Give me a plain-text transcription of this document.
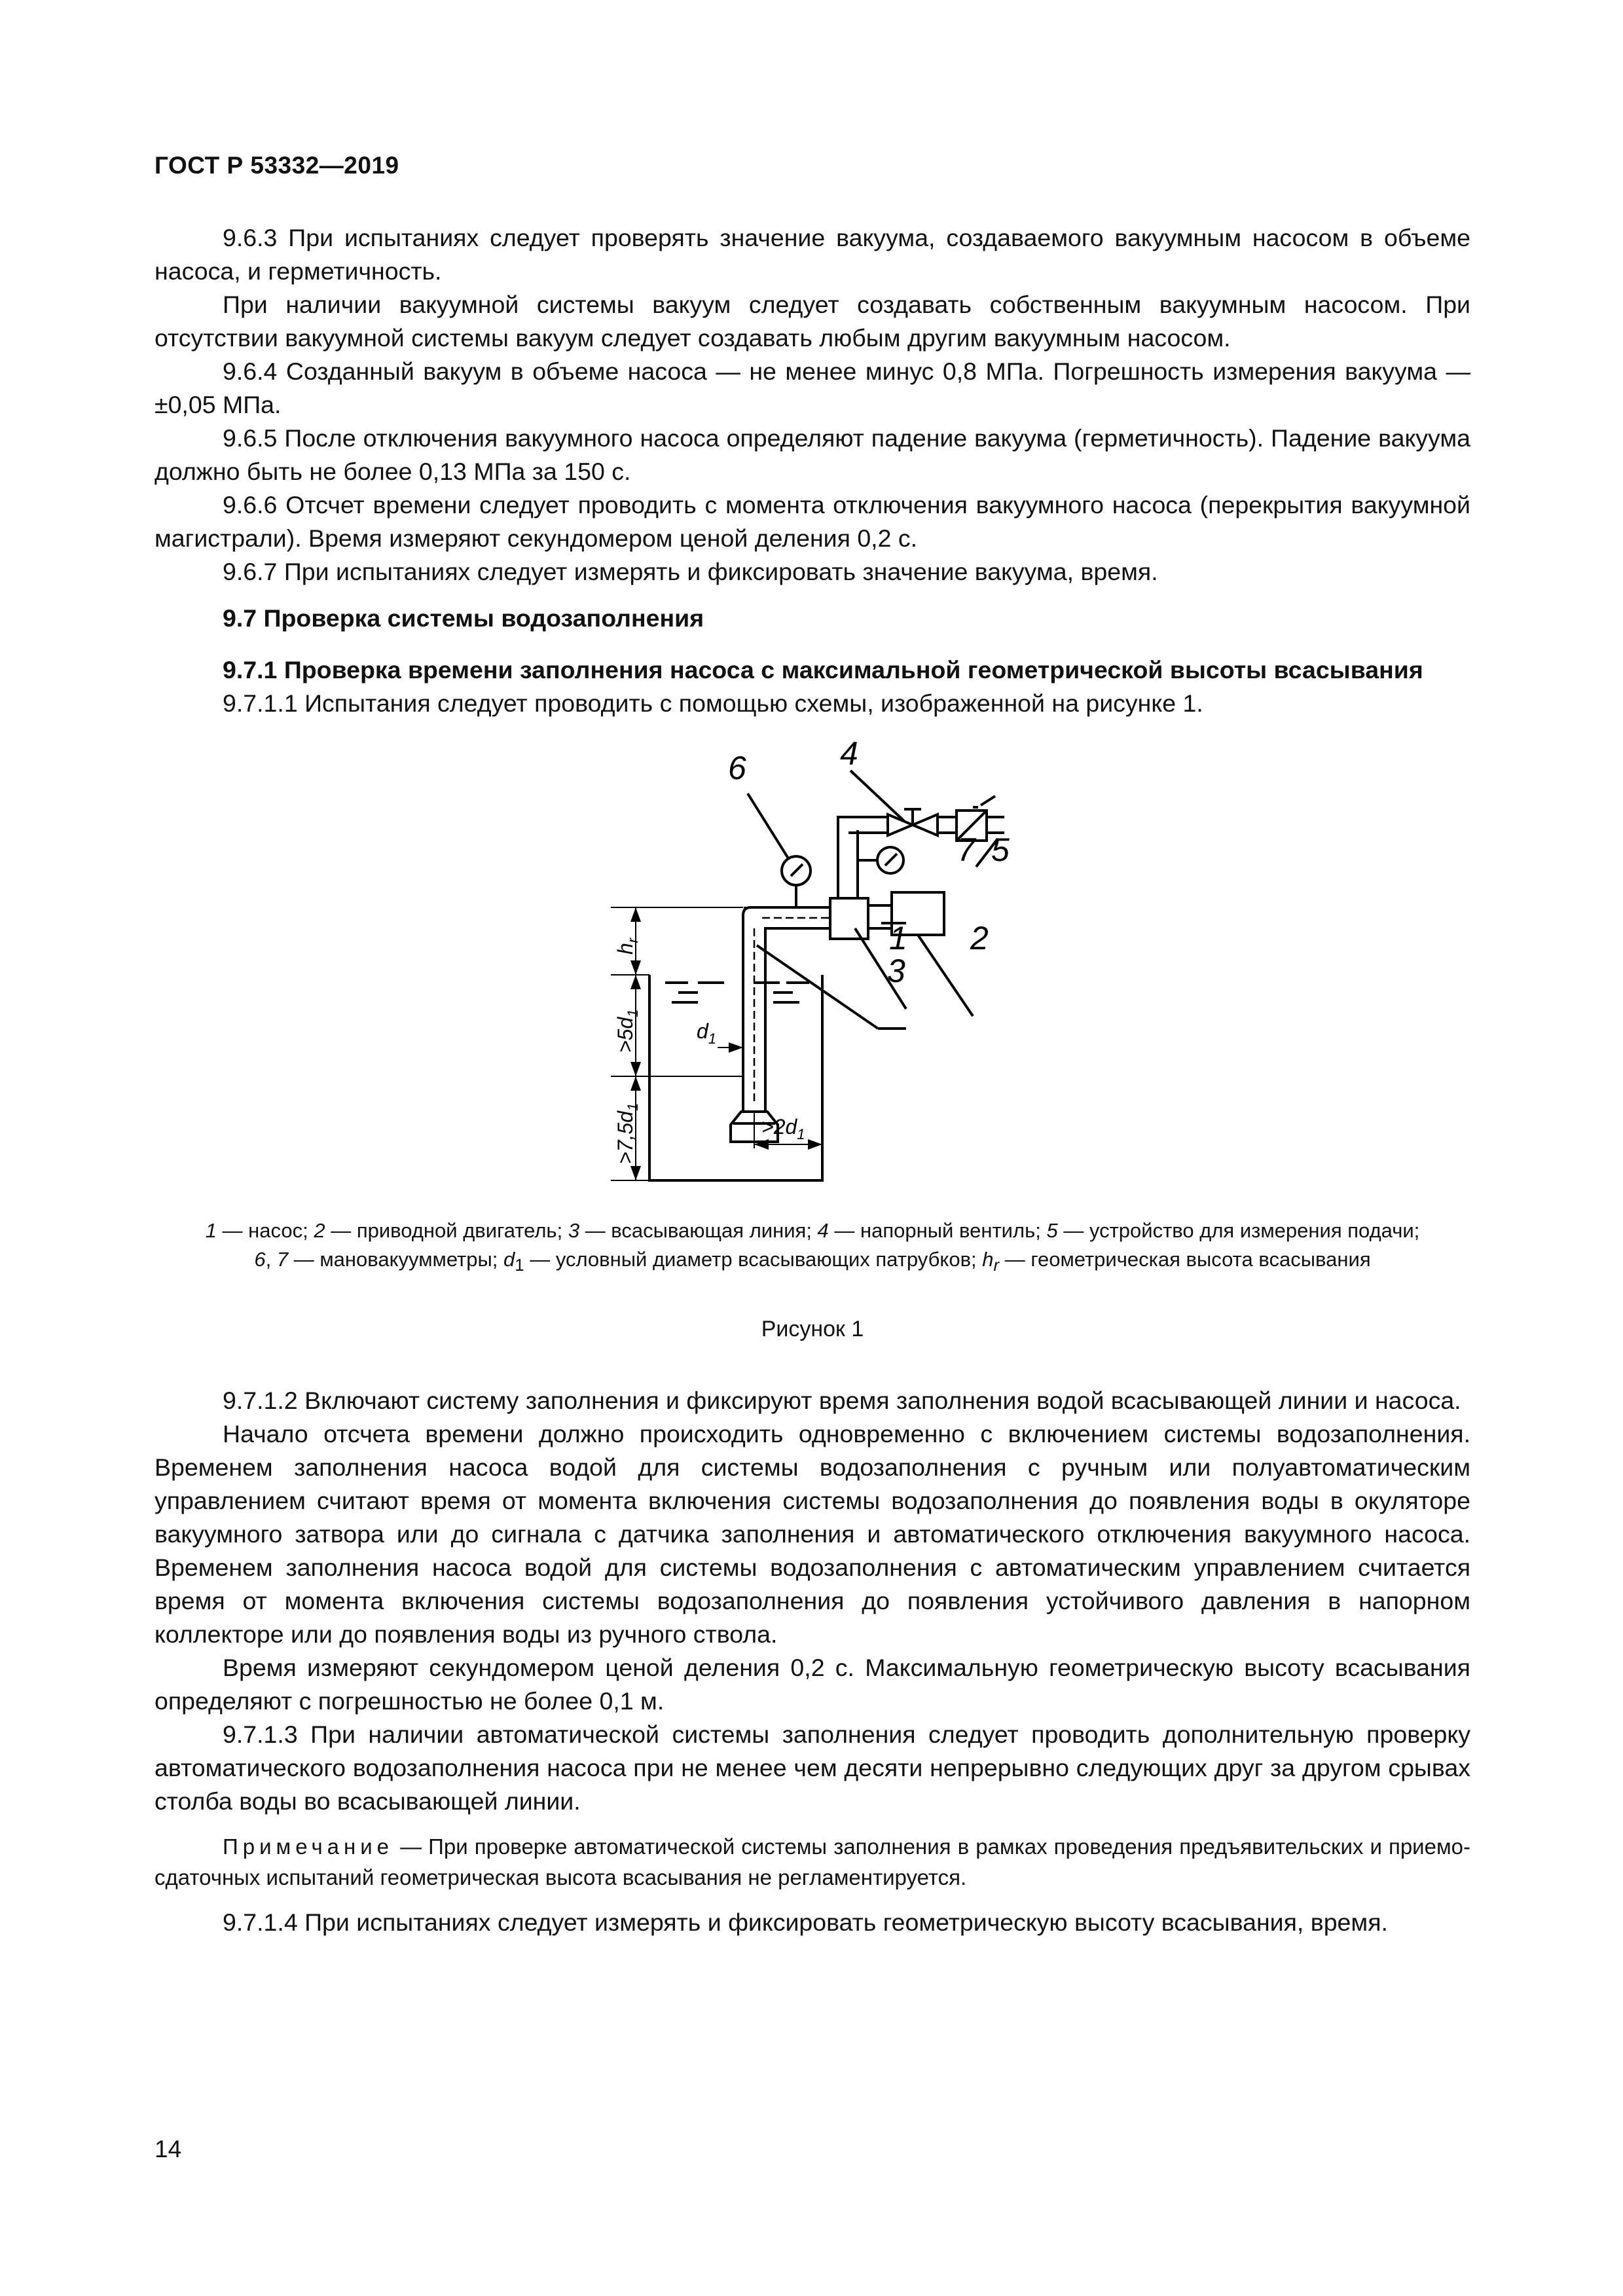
ГОСТ Р 53332—2019

9.6.3 При испытаниях следует проверять значение вакуума, создаваемого вакуумным насосом в объеме насоса, и герметичность.

При наличии вакуумной системы вакуум следует создавать собственным вакуумным насосом. При отсутствии вакуумной системы вакуум следует создавать любым другим вакуумным насосом.

9.6.4 Созданный вакуум в объеме насоса — не менее минус 0,8 МПа. Погрешность измерения вакуума — ±0,05 МПа.

9.6.5 После отключения вакуумного насоса определяют падение вакуума (герметичность). Падение вакуума должно быть не более 0,13 МПа за 150 с.

9.6.6 Отсчет времени следует проводить с момента отключения вакуумного насоса (перекрытия вакуумной магистрали). Время измеряют секундомером ценой деления 0,2 с.

9.6.7 При испытаниях следует измерять и фиксировать значение вакуума, время.

9.7 Проверка системы водозаполнения
9.7.1 Проверка времени заполнения насоса с максимальной геометрической высоты всасывания

9.7.1.1 Испытания следует проводить с помощью схемы, изображенной на рисунке 1.

6	4
7 5
1 2
3
$h_r$
$>5d_1$
$>7,5d_1$
$d_1$
$>2d_1$
1 — насос; 2 — приводной двигатель; 3 — всасывающая линия; 4 — напорный вентиль; 5 — устройство для измерения подачи;
6, 7 — мановакуумметры; $d_1$ — условный диаметр всасывающих патрубков; $h_r$ — геометрическая высота всасывания
Рисунок 1

9.7.1.2 Включают систему заполнения и фиксируют время заполнения водой всасывающей линии и насоса.

Начало отсчета времени должно происходить одновременно с включением системы водозаполнения. Временем заполнения насоса водой для системы водозаполнения с ручным или полуавтоматическим управлением считают время от момента включения системы водозаполнения до появления воды в окуляторе вакуумного затвора или до сигнала с датчика заполнения и автоматического отключения вакуумного насоса. Временем заполнения насоса водой для системы водозаполнения с автоматическим управлением считается время от момента включения системы водозаполнения до появления устойчивого давления в напорном коллекторе или до появления воды из ручного ствола.

Время измеряют секундомером ценой деления 0,2 с. Максимальную геометрическую высоту всасывания определяют с погрешностью не более 0,1 м.

9.7.1.3 При наличии автоматической системы заполнения следует проводить дополнительную проверку автоматического водозаполнения насоса при не менее чем десяти непрерывно следующих друг за другом срывах столба воды во всасывающей линии.

Примечание — При проверке автоматической системы заполнения в рамках проведения предъявительских и приемо-сдаточных испытаний геометрическая высота всасывания не регламентируется.

9.7.1.4 При испытаниях следует измерять и фиксировать геометрическую высоту всасывания, время.

14
